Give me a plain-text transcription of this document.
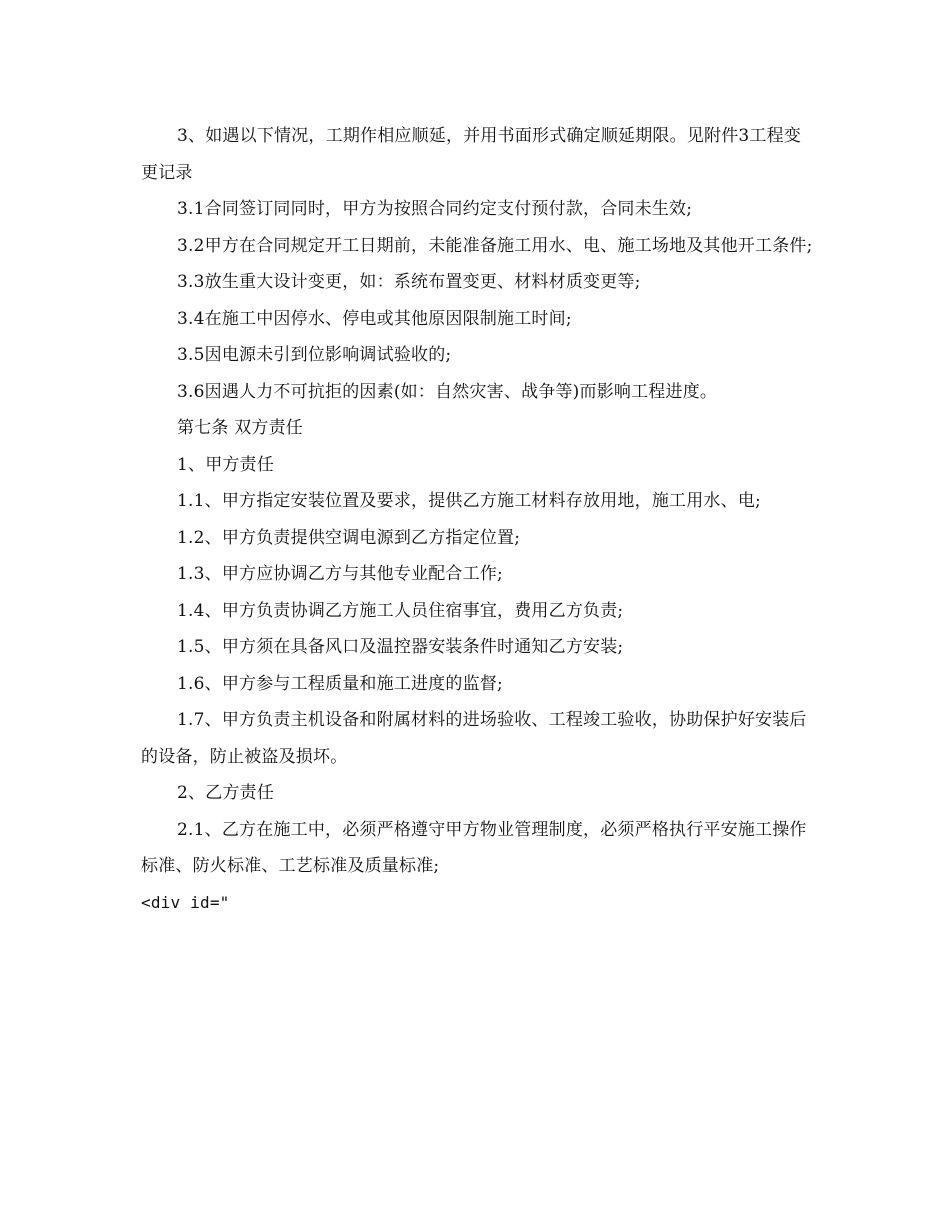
3、如遇以下情况，工期作相应顺延，并用书面形式确定顺延期限。见附件3工程变更记录

3.1合同签订同同时，甲方为按照合同约定支付预付款，合同未生效;

3.2甲方在合同规定开工日期前，未能准备施工用水、电、施工场地及其他开工条件;

3.3放生重大设计变更，如：系统布置变更、材料材质变更等;

3.4在施工中因停水、停电或其他原因限制施工时间;

3.5因电源未引到位影响调试验收的;

3.6因遇人力不可抗拒的因素(如：自然灾害、战争等)而影响工程进度。

第七条 双方责任

1、甲方责任

1.1、甲方指定安装位置及要求，提供乙方施工材料存放用地，施工用水、电;

1.2、甲方负责提供空调电源到乙方指定位置;

1.3、甲方应协调乙方与其他专业配合工作;

1.4、甲方负责协调乙方施工人员住宿事宜，费用乙方负责;

1.5、甲方须在具备风口及温控器安装条件时通知乙方安装;

1.6、甲方参与工程质量和施工进度的监督;

1.7、甲方负责主机设备和附属材料的进场验收、工程竣工验收，协助保护好安装后的设备，防止被盗及损坏。

2、乙方责任

2.1、乙方在施工中，必须严格遵守甲方物业管理制度，必须严格执行平安施工操作标准、防火标准、工艺标准及质量标准;

<div id="
